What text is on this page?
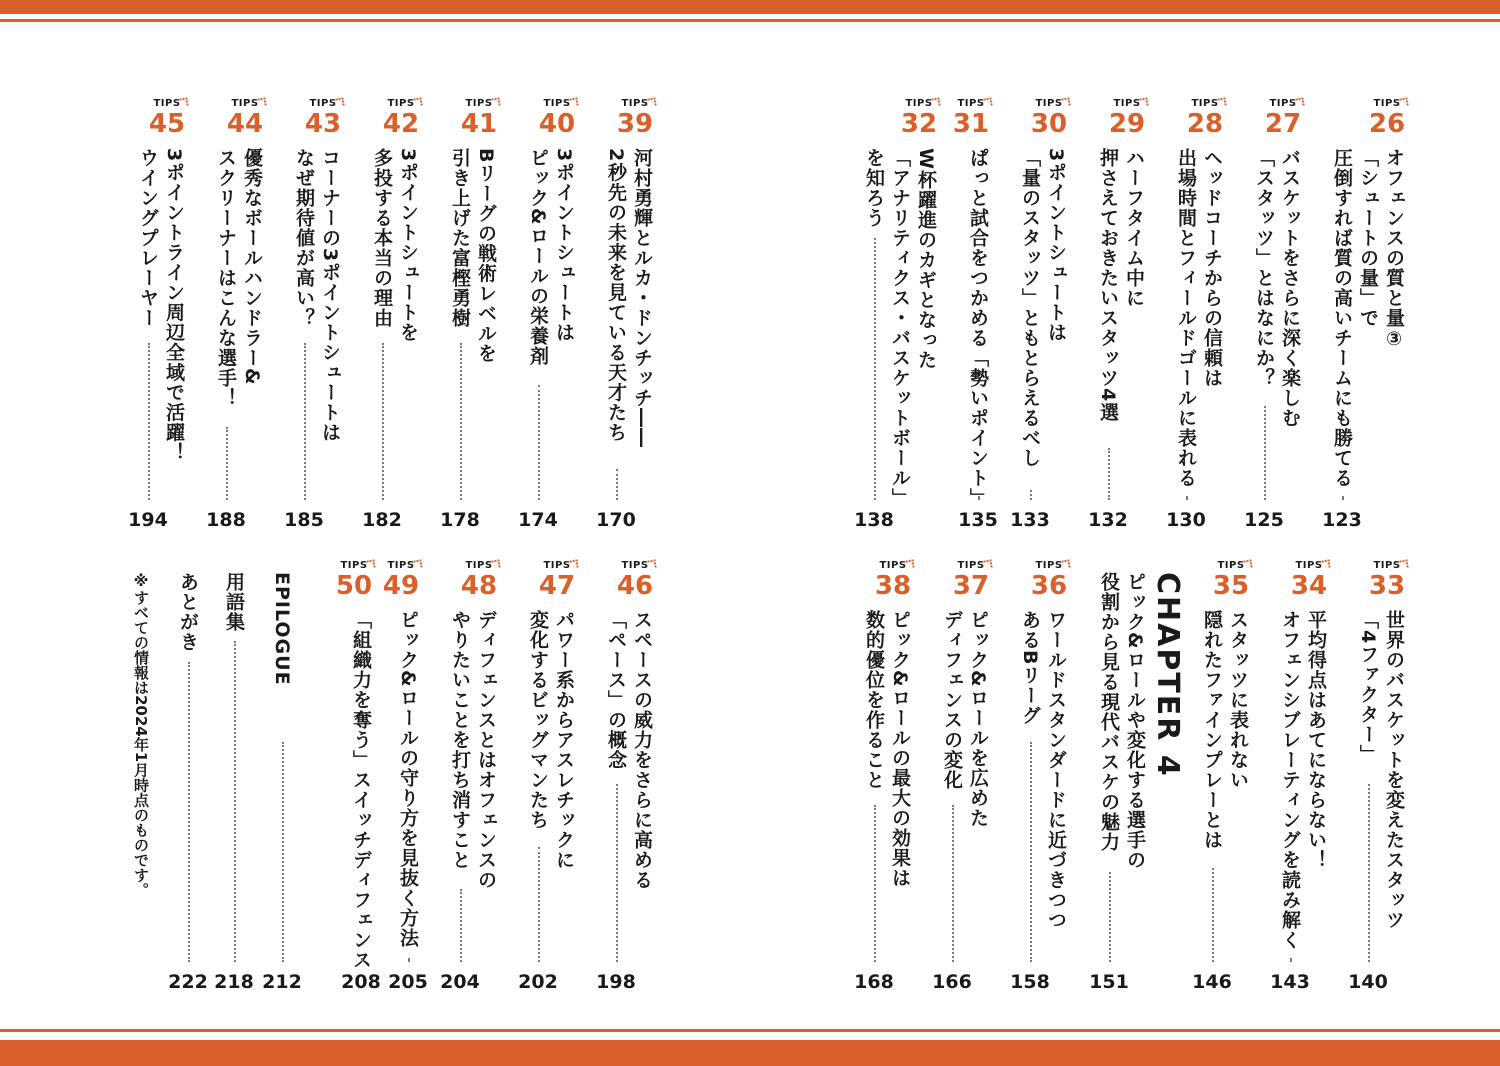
TIPS
26
オフェンスの質と量③
「シュートの量」で
圧倒すれば質の高いチームにも勝てる
123
TIPS
27
バスケットをさらに深く楽しむ
「スタッツ」とはなにか？
125
TIPS
28
ヘッドコーチからの信頼は
出場時間とフィールドゴールに表れる
130
TIPS
29
ハーフタイム中に
押さえておきたいスタッツ4選
132
TIPS
30
3ポイントシュートは
「量のスタッツ」ともとらえるべし
133
TIPS
31
ぱっと試合をつかめる「勢いポイント」
135
TIPS
32
W杯躍進のカギとなった
「アナリティクス・バスケットボール」
を知ろう
138
TIPS
39
河村勇輝とルカ・ドンチッチ――
2秒先の未来を見ている天才たち
170
TIPS
40
3ポイントシュートは
ピック&ロールの栄養剤
174
TIPS
41
Bリーグの戦術レベルを
引き上げた富樫勇樹
178
TIPS
42
3ポイントシュートを
多投する本当の理由
182
TIPS
43
コーナーの3ポイントシュートは
なぜ期待値が高い？
185
TIPS
44
優秀なボールハンドラー&
スクリーナーはこんな選手！
188
TIPS
45
3ポイントライン周辺全域で活躍！
ウイングプレーヤー
194
TIPS
33
世界のバスケットを変えたスタッツ
「4ファクター」
140
TIPS
34
平均得点はあてにならない！
オフェンシブレーティングを読み解く
143
TIPS
35
スタッツに表れない
隠れたファインプレーとは
146
CHAPTER 4
ピック&ロールや変化する選手の
役割から見る現代バスケの魅力
151
TIPS
36
ワールドスタンダードに近づきつつ
あるBリーグ
158
TIPS
37
ピック&ロールを広めた
ディフェンスの変化
166
TIPS
38
ピック&ロールの最大の効果は
数的優位を作ること
168
TIPS
46
スペースの威力をさらに高める
「ペース」の概念
198
TIPS
47
パワー系からアスレチックに
変化するビッグマンたち
202
TIPS
48
ディフェンスとはオフェンスの
やりたいことを打ち消すこと
204
TIPS
49
ピック&ロールの守り方を見抜く方法
205
TIPS
50
「組織力を奪う」スイッチディフェンス
208
EPILOGUE
212
用語集
218
あとがき
222
※すべての情報は2024年1月時点のものです。
